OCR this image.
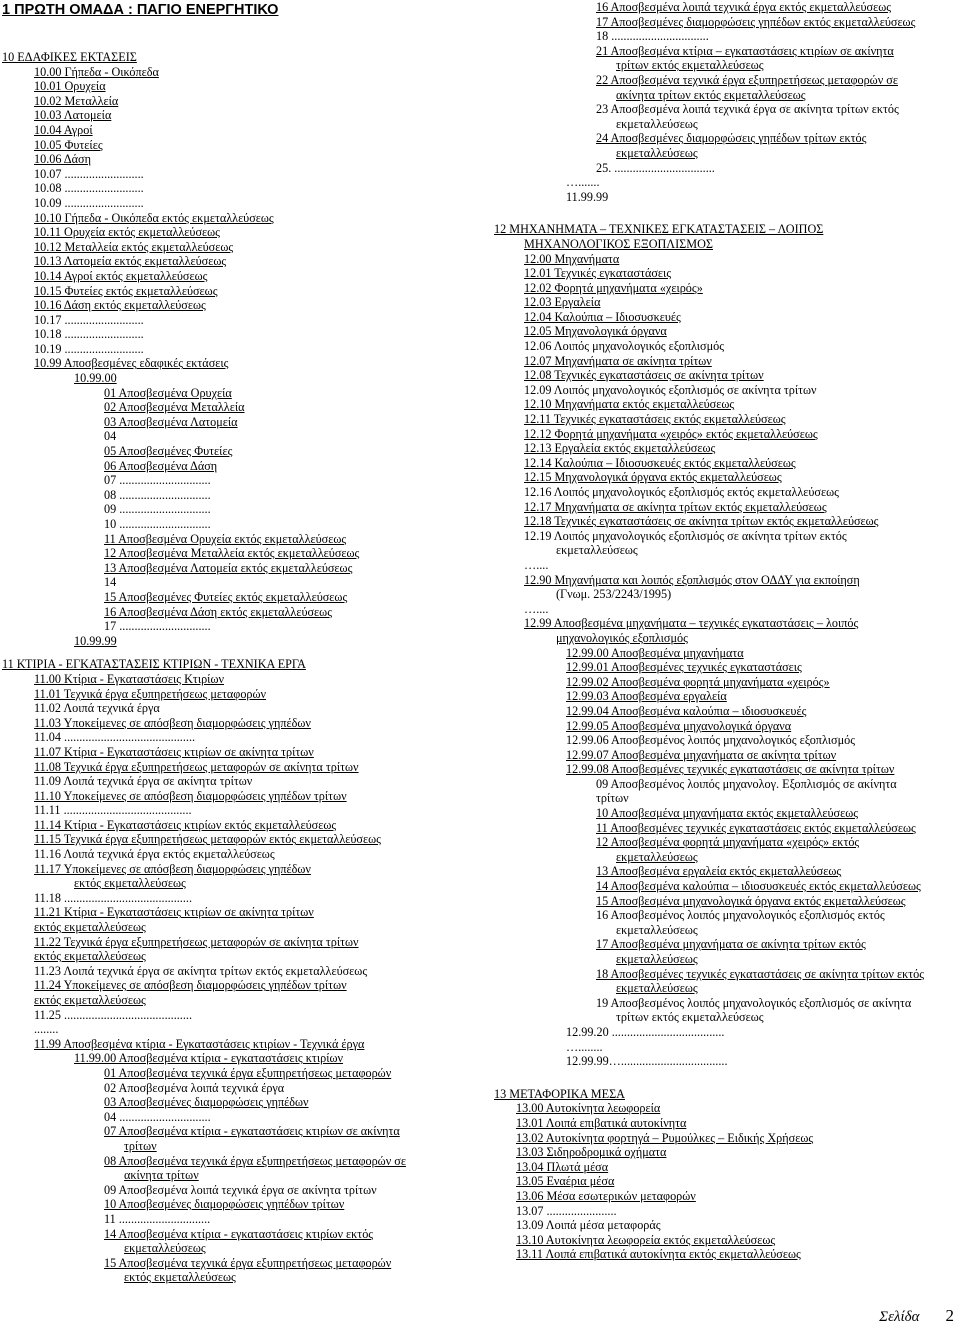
1 ΠΡΩΤΗ ΟΜΑΔΑ : ΠΑΓΙΟ ΕΝΕΡΓΗΤΙΚΟ
10 ΕΔΑΦΙΚΕΣ ΕΚΤΑΣΕΙΣ
10.00 Γήπεδα - Οικόπεδα
10.01 Ορυχεία
10.02 Μεταλλεία
10.03 Λατομεία
10.04 Αγροί
10.05 Φυτείες
10.06 Δάση
10.07 ..........................
10.08 ..........................
10.09 ..........................
10.10 Γήπεδα - Οικόπεδα εκτός εκμεταλλεύσεως
10.11 Ορυχεία εκτός εκμεταλλεύσεως
10.12 Μεταλλεία εκτός εκμεταλλεύσεως
10.13 Λατομεία εκτός εκμεταλλεύσεως
10.14 Αγροί εκτός εκμεταλλεύσεως
10.15 Φυτείες εκτός εκμεταλλεύσεως
10.16 Δάση εκτός εκμεταλλεύσεως
10.17 ..........................
10.18 ..........................
10.19 ..........................
10.99 Αποσβεσμένες εδαφικές εκτάσεις
10.99.00
01 Αποσβεσμένα Ορυχεία
02 Αποσβεσμένα Μεταλλεία
03 Αποσβεσμένα Λατομεία
04
05 Αποσβεσμένες Φυτείες
06 Αποσβεσμένα Δάση
07 ..............................
08 ..............................
09 ..............................
10 ..............................
11 Αποσβεσμένα Ορυχεία εκτός εκμεταλλεύσεως
12 Αποσβεσμένα Μεταλλεία εκτός εκμεταλλεύσεως
13 Αποσβεσμένα Λατομεία εκτός εκμεταλλεύσεως
14
15 Αποσβεσμένες Φυτείες εκτός εκμεταλλεύσεως
16 Αποσβεσμένα Δάση εκτός εκμεταλλεύσεως
17 ..............................
10.99.99
11 ΚΤΙΡΙΑ - ΕΓΚΑΤΑΣΤΑΣΕΙΣ ΚΤΙΡΙΩΝ - ΤΕΧΝΙΚΑ ΕΡΓΑ
11.00 Κτίρια - Εγκαταστάσεις Κτιρίων
11.01 Τεχνικά έργα εξυπηρετήσεως μεταφορών
11.02 Λοιπά τεχνικά έργα
11.03 Υποκείμενες σε απόσβεση διαμορφώσεις γηπέδων
11.04 ...........................................
11.07 Κτίρια - Εγκαταστάσεις κτιρίων σε ακίνητα τρίτων
11.08 Τεχνικά έργα εξυπηρετήσεως μεταφορών σε ακίνητα τρίτων
11.09 Λοιπά τεχνικά έργα σε ακίνητα τρίτων
11.10 Υποκείμενες σε απόσβεση διαμορφώσεις γηπέδων τρίτων
11.11 ..........................................
11.14 Κτίρια - Εγκαταστάσεις κτιρίων εκτός εκμεταλλεύσεως
11.15 Τεχνικά έργα εξυπηρετήσεως μεταφορών εκτός εκμεταλλεύσεως
11.16 Λοιπά τεχνικά έργα εκτός εκμεταλλεύσεως
11.17 Υποκείμενες σε απόσβεση διαμορφώσεις γηπέδων
εκτός εκμεταλλεύσεως
11.18 ..........................................
11.21 Κτίρια - Εγκαταστάσεις κτιρίων σε ακίνητα τρίτων
εκτός εκμεταλλεύσεως
11.22 Τεχνικά έργα εξυπηρετήσεως μεταφορών σε ακίνητα τρίτων
εκτός εκμεταλλεύσεως
11.23 Λοιπά τεχνικά έργα σε ακίνητα τρίτων εκτός εκμεταλλεύσεως
11.24 Υποκείμενες σε απόσβεση διαμορφώσεις γηπέδων τρίτων
εκτός εκμεταλλεύσεως
11.25 ..........................................
........
11.99 Αποσβεσμένα κτίρια - Εγκαταστάσεις κτιρίων - Τεχνικά έργα
11.99.00 Αποσβεσμένα κτίρια - εγκαταστάσεις κτιρίων
01 Αποσβεσμένα τεχνικά έργα εξυπηρετήσεως μεταφορών
02 Αποσβεσμένα λοιπά τεχνικά έργα
03 Αποσβεσμένες διαμορφώσεις γηπέδων
04 ..............................
07 Αποσβεσμένα κτίρια - εγκαταστάσεις κτιρίων σε ακίνητα
τρίτων
08 Αποσβεσμένα τεχνικά έργα εξυπηρετήσεως μεταφορών σε
ακίνητα τρίτων
09 Αποσβεσμένα λοιπά τεχνικά έργα σε ακίνητα τρίτων
10 Αποσβεσμένες διαμορφώσεις γηπέδων τρίτων
11 ..............................
14 Αποσβεσμένα κτίρια - εγκαταστάσεις κτιρίων εκτός
εκμεταλλεύσεως
15 Αποσβεσμένα τεχνικά έργα εξυπηρετήσεως μεταφορών
εκτός εκμεταλλεύσεως
16 Αποσβεσμένα λοιπά τεχνικά έργα εκτός εκμεταλλεύσεως
17 Αποσβεσμένες διαμορφώσεις γηπέδων εκτός εκμεταλλεύσεως
18 ................................
21 Αποσβεσμένα κτίρια – εγκαταστάσεις κτιρίων σε ακίνητα
τρίτων εκτός εκμεταλλεύσεως
22 Αποσβεσμένα τεχνικά έργα εξυπηρετήσεως μεταφορών σε
ακίνητα τρίτων εκτός εκμεταλλεύσεως
23 Αποσβεσμένα λοιπά τεχνικά έργα σε ακίνητα τρίτων εκτός
εκμεταλλεύσεως
24 Αποσβεσμένες διαμορφώσεις γηπέδων τρίτων εκτός
εκμεταλλεύσεως
25. .................................
….......
11.99.99
12 ΜΗΧΑΝΗΜΑΤΑ – ΤΕΧΝΙΚΕΣ ΕΓΚΑΤΑΣΤΑΣΕΙΣ – ΛΟΙΠΟΣ
ΜΗΧΑΝΟΛΟΓΙΚΟΣ ΕΞΟΠΛΙΣΜΟΣ
12.00 Μηχανήματα
12.01 Τεχνικές εγκαταστάσεις
12.02 Φορητά μηχανήματα «χειρός»
12.03 Εργαλεία
12.04 Καλούπια – Ιδιοσυσκευές
12.05 Μηχανολογικά όργανα
12.06 Λοιπός μηχανολογικός εξοπλισμός
12.07 Μηχανήματα σε ακίνητα τρίτων
12.08 Τεχνικές εγκαταστάσεις σε ακίνητα τρίτων
12.09 Λοιπός μηχανολογικός εξοπλισμός σε ακίνητα τρίτων
12.10 Μηχανήματα εκτός εκμεταλλεύσεως
12.11 Τεχνικές εγκαταστάσεις εκτός εκμεταλλεύσεως
12.12 Φορητά μηχανήματα «χειρός» εκτός εκμεταλλεύσεως
12.13 Εργαλεία εκτός εκμεταλλεύσεως
12.14 Καλούπια – Ιδιοσυσκευές εκτός εκμεταλλεύσεως
12.15 Μηχανολογικά όργανα εκτός εκμεταλλεύσεως
12.16 Λοιπός μηχανολογικός εξοπλισμός εκτός εκμεταλλεύσεως
12.17 Μηχανήματα σε ακίνητα τρίτων εκτός εκμεταλλεύσεως
12.18 Τεχνικές εγκαταστάσεις σε ακίνητα τρίτων εκτός εκμεταλλεύσεως
12.19 Λοιπός μηχανολογικός εξοπλισμός σε ακίνητα τρίτων εκτός
εκμεταλλεύσεως
…....
12.90 Μηχανήματα και λοιπός εξοπλισμός στον ΟΔΔΥ για εκποίηση
(Γνωμ. 253/2243/1995)
…....
12.99 Αποσβεσμένα μηχανήματα – τεχνικές εγκαταστάσεις – λοιπός
μηχανολογικός εξοπλισμός
12.99.00 Αποσβεσμένα μηχανήματα
12.99.01 Αποσβεσμένες τεχνικές εγκαταστάσεις
12.99.02 Αποσβεσμένα φορητά μηχανήματα «χειρός»
12.99.03 Αποσβεσμένα εργαλεία
12.99.04 Αποσβεσμένα καλούπια – ιδιοσυσκευές
12.99.05 Αποσβεσμένα μηχανολογικά όργανα
12.99.06 Αποσβεσμένος λοιπός μηχανολογικός εξοπλισμός
12.99.07 Αποσβεσμένα μηχανήματα σε ακίνητα τρίτων
12.99.08 Αποσβεσμένες τεχνικές εγκαταστάσεις σε ακίνητα τρίτων
09 Αποσβεσμένος λοιπός μηχανολογ. Εξοπλισμός σε ακίνητα
τρίτων
10 Αποσβεσμένα μηχανήματα εκτός εκμεταλλεύσεως
11 Αποσβεσμένες τεχνικές εγκαταστάσεις εκτός εκμεταλλεύσεως
12 Αποσβεσμένα φορητά μηχανήματα «χειρός» εκτός
εκμεταλλεύσεως
13 Αποσβεσμένα εργαλεία εκτός εκμεταλλεύσεως
14 Αποσβεσμένα καλούπια – ιδιοσυσκευές εκτός εκμεταλλεύσεως
15 Αποσβεσμένα μηχανολογικά όργανα εκτός εκμεταλλεύσεως
16 Αποσβεσμένος λοιπός μηχανολογικός εξοπλισμός εκτός
εκμεταλλεύσεως
17 Αποσβεσμένα μηχανήματα σε ακίνητα τρίτων εκτός
εκμεταλλεύσεως
18 Αποσβεσμένες τεχνικές εγκαταστάσεις σε ακίνητα τρίτων εκτός
εκμεταλλεύσεως
19 Αποσβεσμένος λοιπός μηχανολογικός εξοπλισμός σε ακίνητα
τρίτων εκτός εκμεταλλεύσεως
12.99.20 .....................................
…........
12.99.99…...................................
13 ΜΕΤΑΦΟΡΙΚΑ ΜΕΣΑ
13.00 Αυτοκίνητα λεωφορεία
13.01 Λοιπά επιβατικά αυτοκίνητα
13.02 Αυτοκίνητα φορτηγά – Ρυμούλκες – Ειδικής Χρήσεως
13.03 Σιδηροδρομικά οχήματα
13.04 Πλωτά μέσα
13.05 Εναέρια μέσα
13.06 Μέσα εσωτερικών μεταφορών
13.07 .......................
13.09 Λοιπά μέσα μεταφοράς
13.10 Αυτοκίνητα λεωφορεία εκτός εκμεταλλεύσεως
13.11 Λοιπά επιβατικά αυτοκίνητα εκτός εκμεταλλεύσεως
Σελίδα 2
